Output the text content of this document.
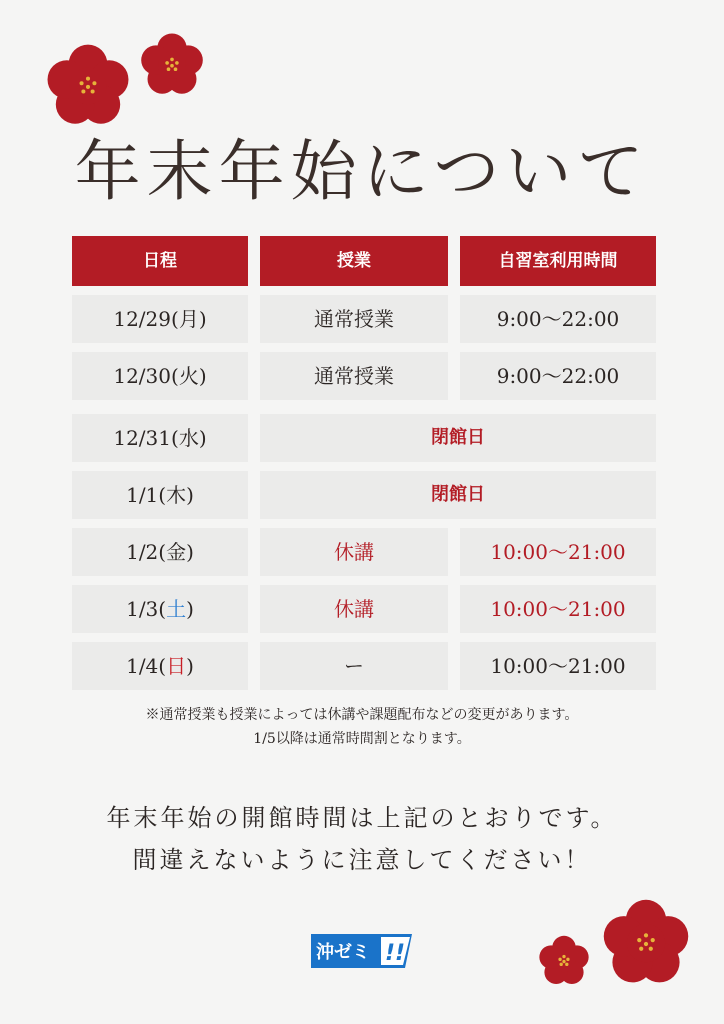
年末年始について
日程	授業	自習室利用時間
12/29(月)	通常授業	9:00～22:00
12/30(火)	通常授業	9:00～22:00
12/31(水)	閉館日
1/1(木)	閉館日
1/2(金)	休講	10:00～21:00
1/3(土)	休講	10:00～21:00
1/4(日)	ー	10:00～21:00
※通常授業も授業によっては休講や課題配布などの変更があります。
1/5以降は通常時間割となります。
年末年始の開館時間は上記のとおりです。
間違えないように注意してください！
沖ゼミ !!
